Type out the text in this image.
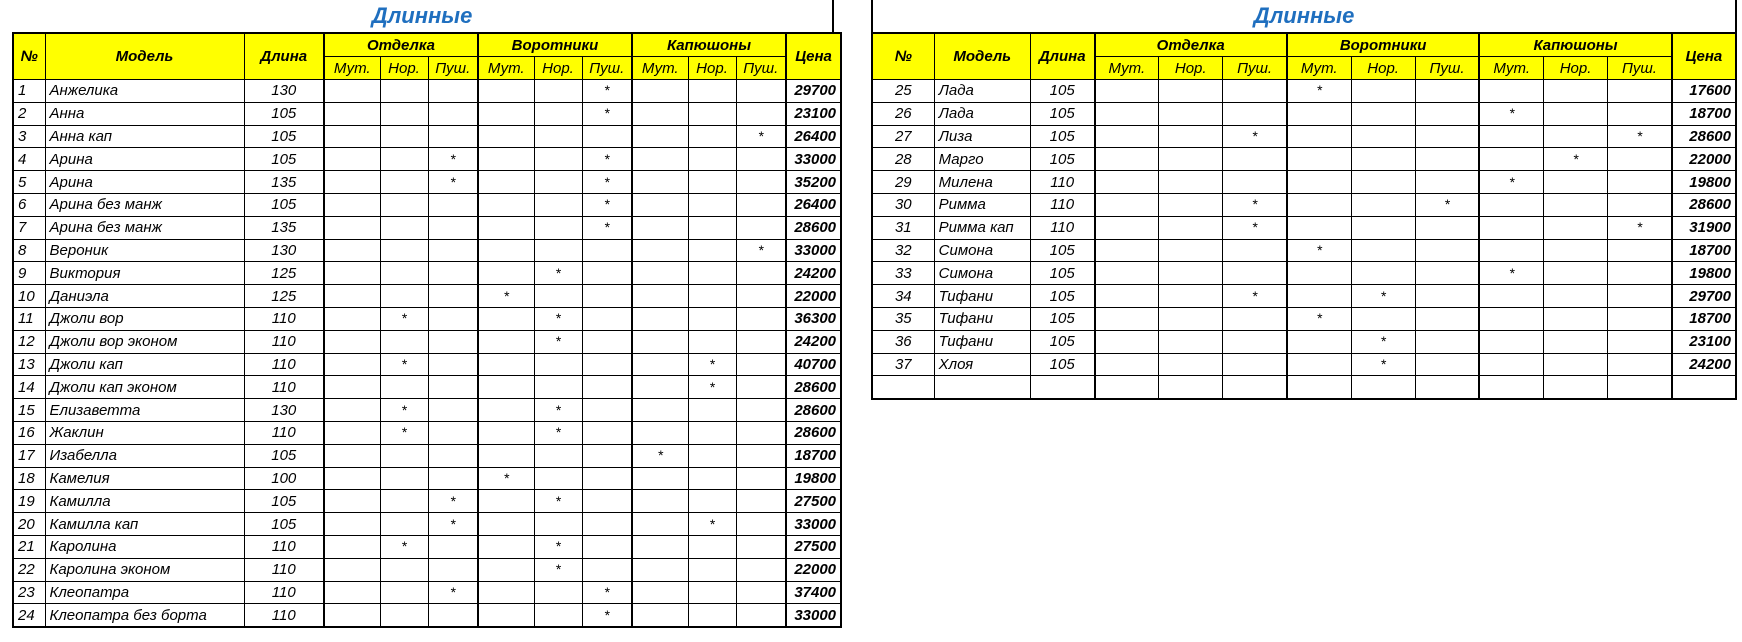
Длинные
№	Модель	Длина	Отделка			Воротники			Капюшоны			Цена
			Мут.	Нор.	Пуш.	Мут.	Нор.	Пуш.	Мут.	Нор.	Пуш.	
1	Анжелика	130						*				29700
2	Анна	105						*				23100
3	Анна кап	105									*	26400
4	Арина	105			*			*				33000
5	Арина	135			*			*				35200
6	Арина без манж	105						*				26400
7	Арина без манж	135						*				28600
8	Вероник	130									*	33000
9	Виктория	125					*					24200
10	Даниэла	125				*						22000
11	Джоли вор	110		*			*					36300
12	Джоли вор эконом	110					*					24200
13	Джоли кап	110		*						*		40700
14	Джоли кап эконом	110								*		28600
15	Елизаветта	130		*			*					28600
16	Жаклин	110		*			*					28600
17	Изабелла	105							*			18700
18	Камелия	100				*						19800
19	Камилла	105			*		*					27500
20	Камилла кап	105			*					*		33000
21	Каролина	110		*			*					27500
22	Каролина эконом	110					*					22000
23	Клеопатра	110			*			*				37400
24	Клеопатра без борта	110						*				33000
Длинные
№	Модель	Длина	Отделка			Воротники			Капюшоны			Цена
			Мут.	Нор.	Пуш.	Мут.	Нор.	Пуш.	Мут.	Нор.	Пуш.	
25	Лада	105				*						17600
26	Лада	105							*			18700
27	Лиза	105			*						*	28600
28	Марго	105								*		22000
29	Милена	110							*			19800
30	Римма	110			*			*				28600
31	Римма кап	110			*						*	31900
32	Симона	105				*						18700
33	Симона	105							*			19800
34	Тифани	105			*		*					29700
35	Тифани	105				*						18700
36	Тифани	105					*					23100
37	Хлоя	105					*					24200
